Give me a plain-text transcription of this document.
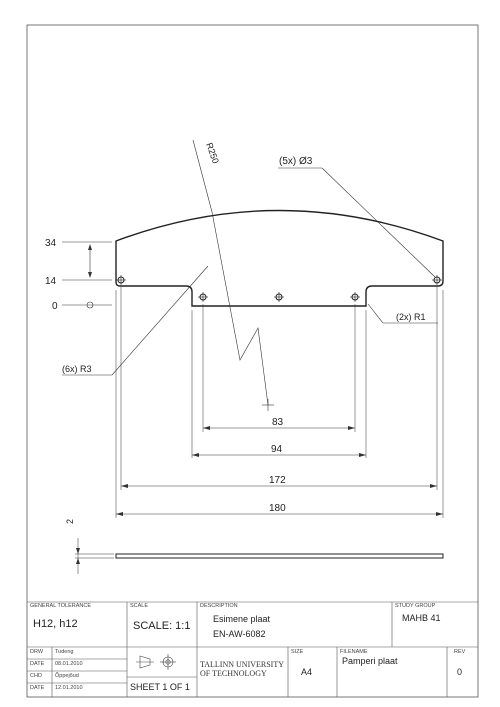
34
14
0
R250	(5x) Ø3
(2x) R1
(6x) R3
83
94
172
180
2
GENERAL TOLERANCE
H12, h12
SCALE
SCALE: 1:1
DESCRIPTION
Esimene plaat
EN-AW-6082
STUDY GROUP
MAHB 41
DRW Tudeng
DATE 08.01.2010
CHD Õppejõud
DATE 12.01.2010	SHEET 1 OF 1
TALLINN UNIVERSITY
OF TECHNOLOGY
SIZE
A4
FILENAME
Pamperi plaat
REV
0
